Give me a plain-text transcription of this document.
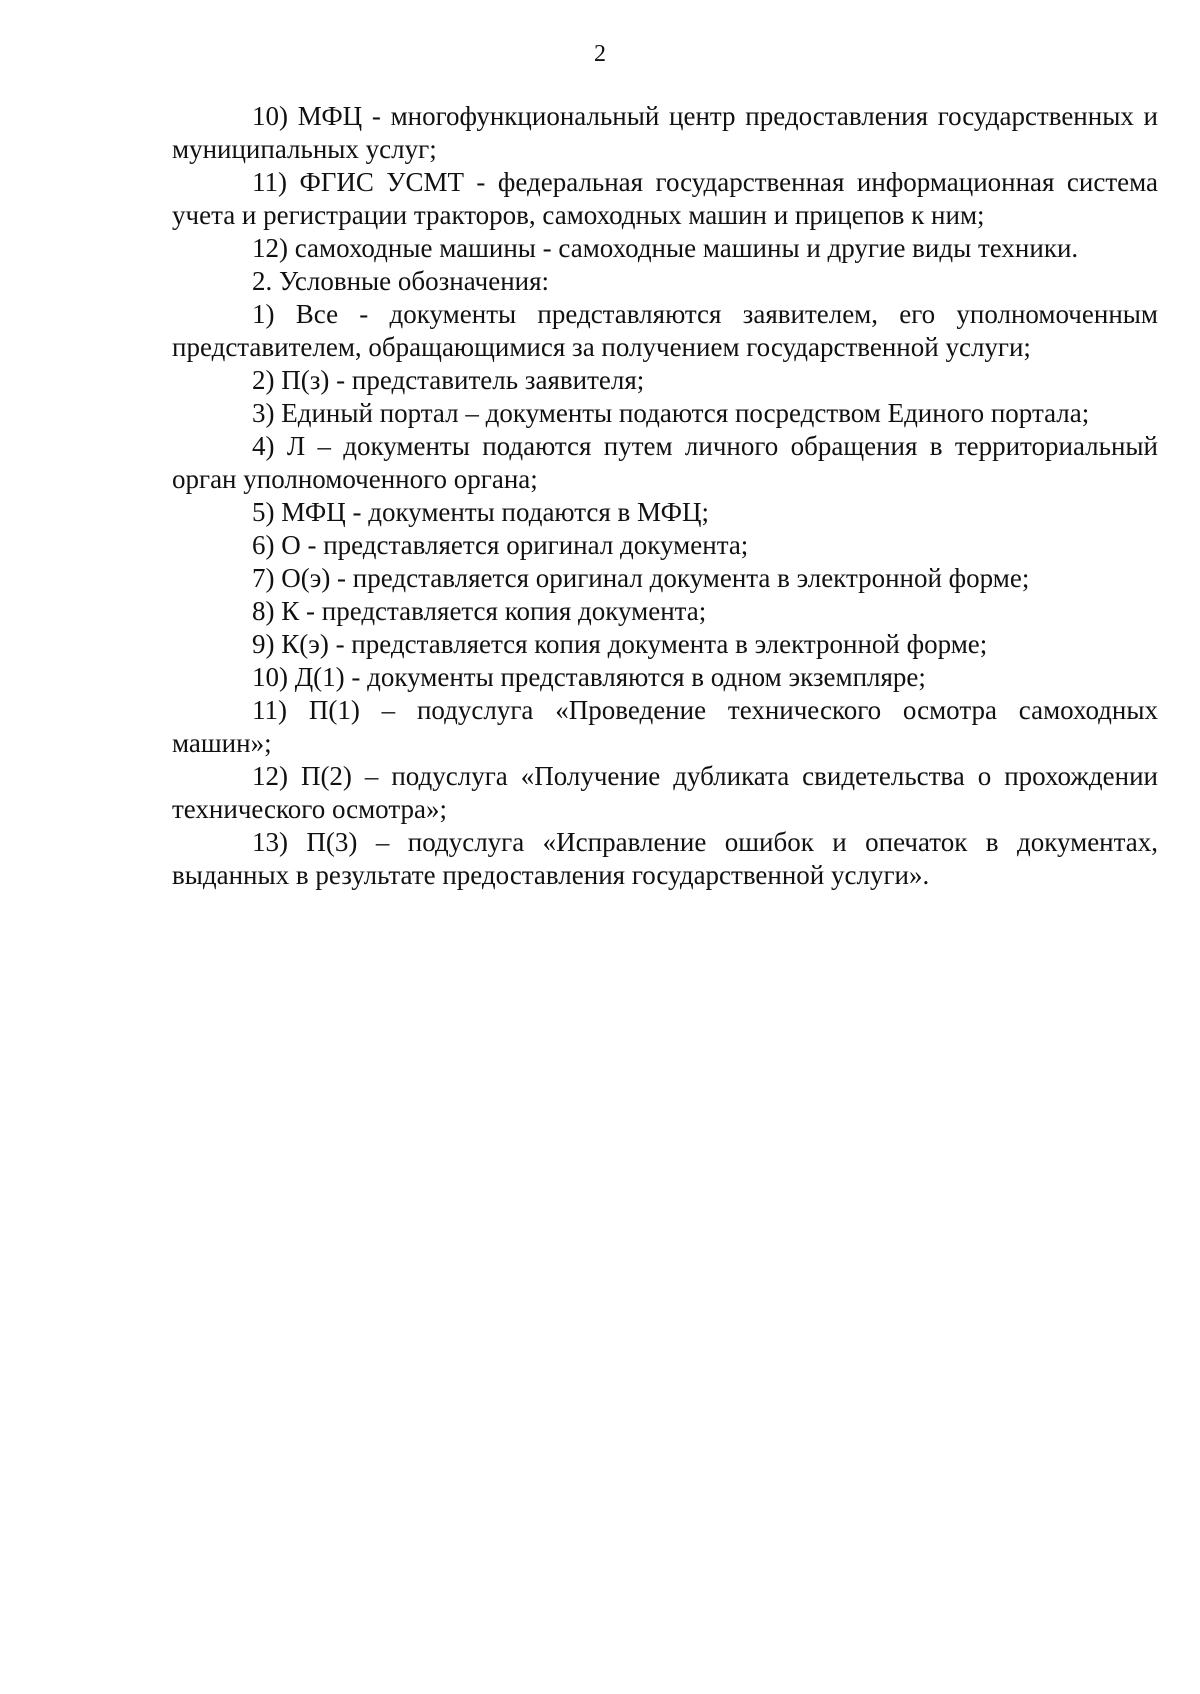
2

10) МФЦ - многофункциональный центр предоставления государственных и муниципальных услуг;

11) ФГИС УСМТ - федеральная государственная информационная система учета и регистрации тракторов, самоходных машин и прицепов к ним;

12) самоходные машины - самоходные машины и другие виды техники.

2. Условные обозначения:

1) Все - документы представляются заявителем, его уполномоченным представителем, обращающимися за получением государственной услуги;

2) П(з) - представитель заявителя;

3) Единый портал – документы подаются посредством Единого портала;

4) Л – документы подаются путем личного обращения в территориальный орган уполномоченного органа;

5) МФЦ - документы подаются в МФЦ;

6) О - представляется оригинал документа;

7) О(э) - представляется оригинал документа в электронной форме;

8) К - представляется копия документа;

9) К(э) - представляется копия документа в электронной форме;

10) Д(1) - документы представляются в одном экземпляре;

11) П(1) – подуслуга «Проведение технического осмотра самоходных машин»;

12) П(2) – подуслуга «Получение дубликата свидетельства о прохождении технического осмотра»;

13) П(3) – подуслуга «Исправление ошибок и опечаток в документах, выданных в результате предоставления государственной услуги».
